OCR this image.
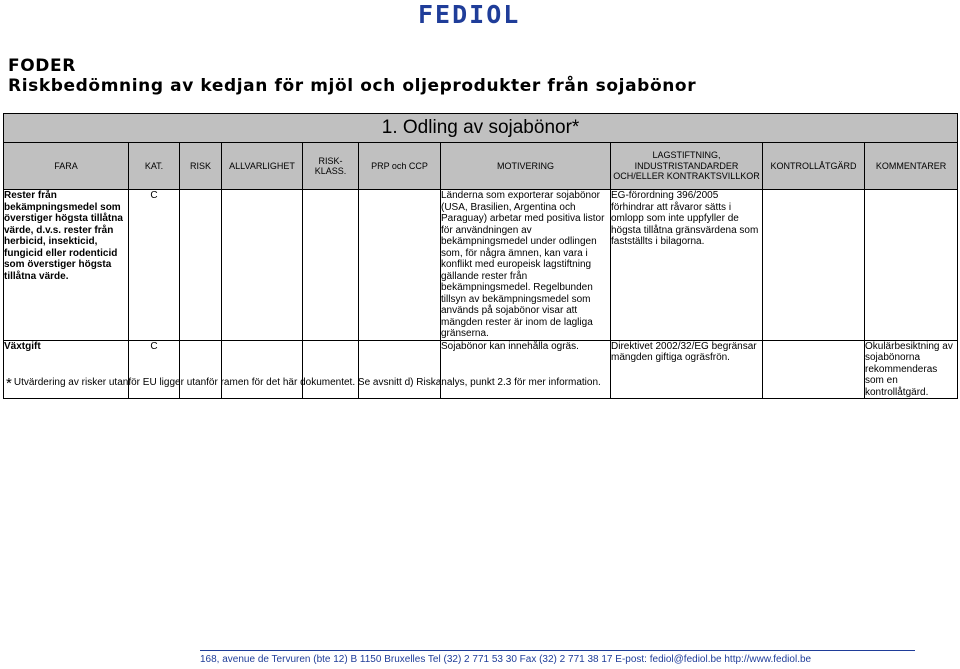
FEDIOL
FODER
Riskbedömning av kedjan för mjöl och oljeprodukter från sojabönor
1. Odling av sojabönor*									
FARA	KAT.	RISK	ALLVARLIGHET	RISK-KLASS.	PRP och CCP	MOTIVERING	LAGSTIFTNING, INDUSTRISTANDARDER OCH/ELLER KONTRAKTSVILLKOR	KONTROLLÅTGÄRD	KOMMENTARER
Rester från bekämpningsmedel som överstiger högsta tillåtna värde, d.v.s. rester från herbicid, insekticid, fungicid eller rodenticid som överstiger högsta tillåtna värde.	C					Länderna som exporterar sojabönor (USA, Brasilien, Argentina och Paraguay) arbetar med positiva listor för användningen av bekämpningsmedel under odlingen som, för några ämnen, kan vara i konflikt med europeisk lagstiftning gällande rester från bekämpningsmedel. Regelbunden tillsyn av bekämpningsmedel som används på sojabönor visar att mängden rester är inom de lagliga gränserna.	EG-förordning 396/2005 förhindrar att råvaror sätts i omlopp som inte uppfyller de högsta tillåtna gränsvärdena som fastställts i bilagorna.		
Växtgift	C					Sojabönor kan innehålla ogräs.	Direktivet 2002/32/EG begränsar mängden giftiga ogräsfrön.		Okulärbesiktning av sojabönorna rekommenderas som en kontrollåtgärd.
* Utvärdering av risker utanför EU ligger utanför ramen för det här dokumentet. Se avsnitt d) Riskanalys, punkt 2.3 för mer information.
168, avenue de Tervuren (bte 12) B 1150 Bruxelles Tel (32) 2 771 53 30 Fax (32) 2 771 38 17 E-post: fediol@fediol.be http://www.fediol.be
